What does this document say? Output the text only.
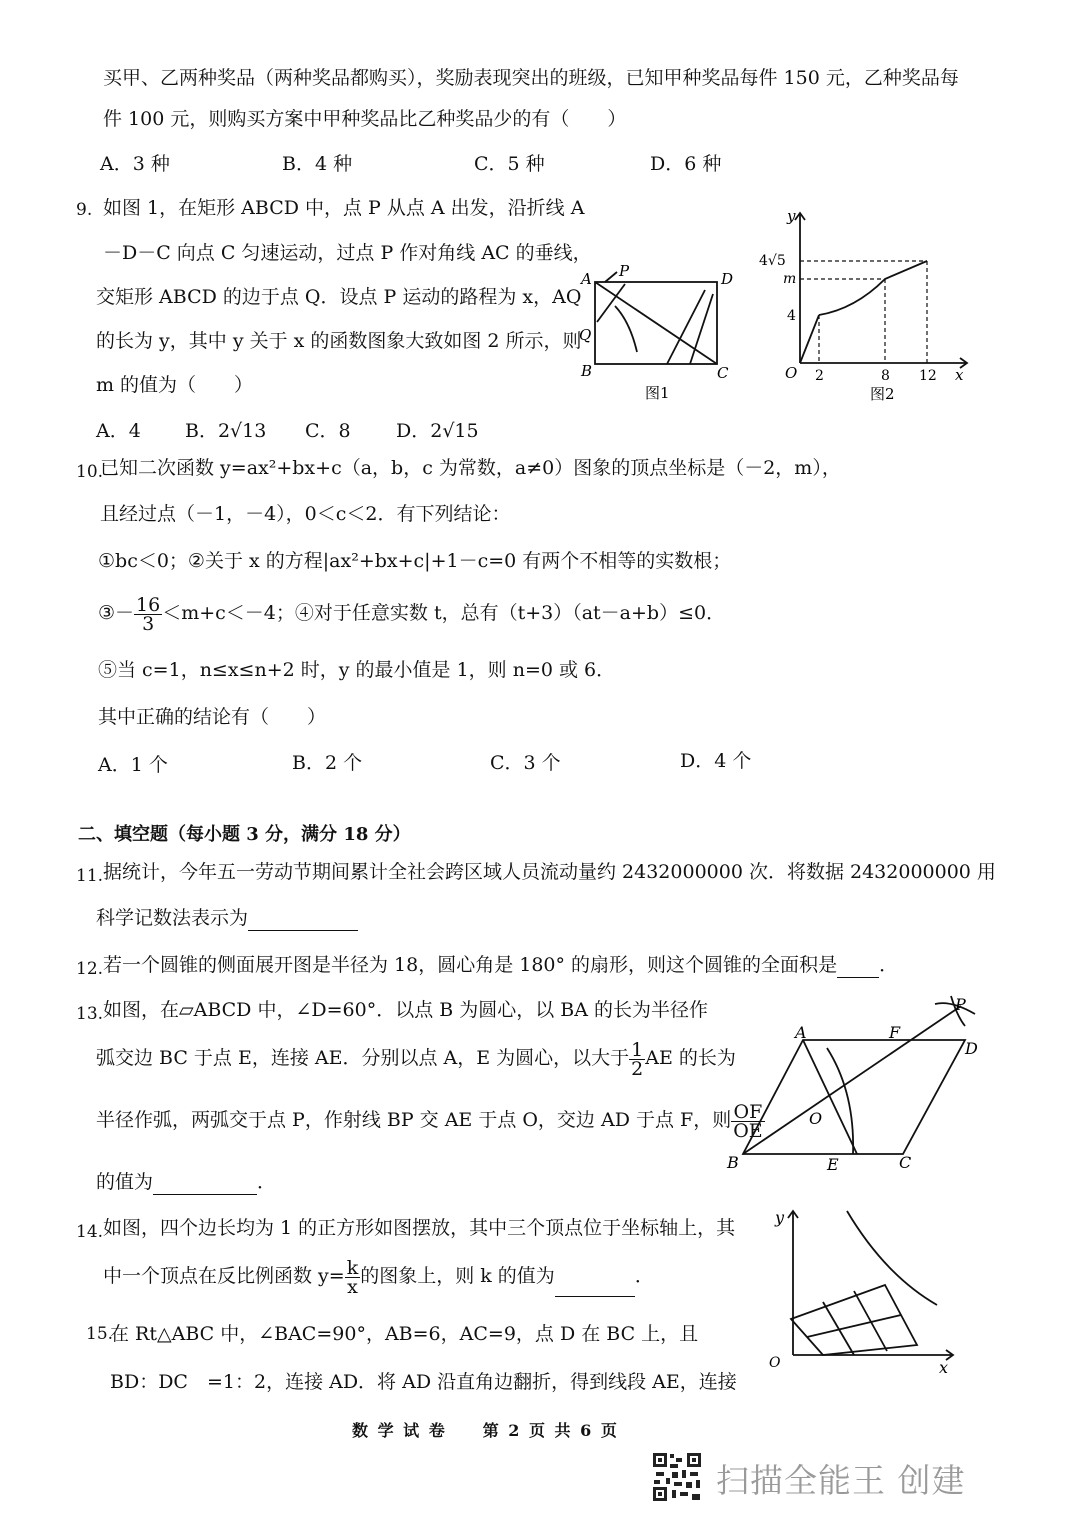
买甲、乙两种奖品（两种奖品都购买），奖励表现突出的班级，已知甲种奖品每件 150 元，乙种奖品每
件 100 元，则购买方案中甲种奖品比乙种奖品少的有（　　）
A．3 种	B．4 种	C．5 种	D．6 种
9. 如图 1，在矩形 ABCD 中，点 P 从点 A 出发，沿折线 A
－D－C 向点 C 匀速运动，过点 P 作对角线 AC 的垂线，
交矩形 ABCD 的边于点 Q．设点 P 运动的路程为 x，AQ
的长为 y，其中 y 关于 x 的函数图象大致如图 2 所示，则
m 的值为（　　）
A．4 B．2√13 C．8 D．2√15
A P	D
Q
B	C
图1
y
x
O
4√5
m
4
2	8 12
图2
10.
已知二次函数 y=ax²+bx+c（a，b，c 为常数，a≠0）图象的顶点坐标是（－2，m），
且经过点（－1，－4），0＜c＜2．有下列结论：
①bc＜0；②关于 x 的方程|ax²+bx+c|+1－c=0 有两个不相等的实数根；
③－ $\frac{16}{3} <m+c<-4$；④对于任意实数 t，总有（t+3）（at－a+b）≤0．
⑤当 c=1，n≤x≤n+2 时，y 的最小值是 1，则 n=0 或 6．
其中正确的结论有（　　）
A．1 个	B．2 个	C．3 个	D．4 个
二、填空题（每小题 3 分，满分 18 分）
11. 据统计，今年五一劳动节期间累计全社会跨区域人员流动量约 2432000000 次．将数据 2432000000 用
科学记数法表示为
12. 若一个圆锥的侧面展开图是半径为 18，圆心角是 180° 的扇形，则这个圆锥的全面积是 ．
13. 如图，在▱ABCD 中，∠D=60°．以点 B 为圆心，以 BA 的长为半径作
弧交边 BC 于点 E，连接 AE．分别以点 A，E 为圆心，以大于 $\frac{1}{2}$ AE 的长为
半径作弧，两弧交于点 P，作射线 BP 交 AE 于点 O，交边 AD 于点 F，则 $\frac{OF}{OE}$
的值为	．
P
A	F
D
O
B	E	C
14. 如图，四个边长均为 1 的正方形如图摆放，其中三个顶点位于坐标轴上，其
中一个顶点在反比例函数 $y= \frac{k}{x}$ 的图象上，则 k 的值为	．
y
x
O
15.
在 Rt△ABC 中，∠BAC=90°，AB=6，AC=9，点 D 在 BC 上，且
BD：DC　=1：2，连接 AD．将 AD 沿直角边翻折，得到线段 AE，连接
数 学 试 卷　　第 2 页 共 6 页
扫描全能王 创建
